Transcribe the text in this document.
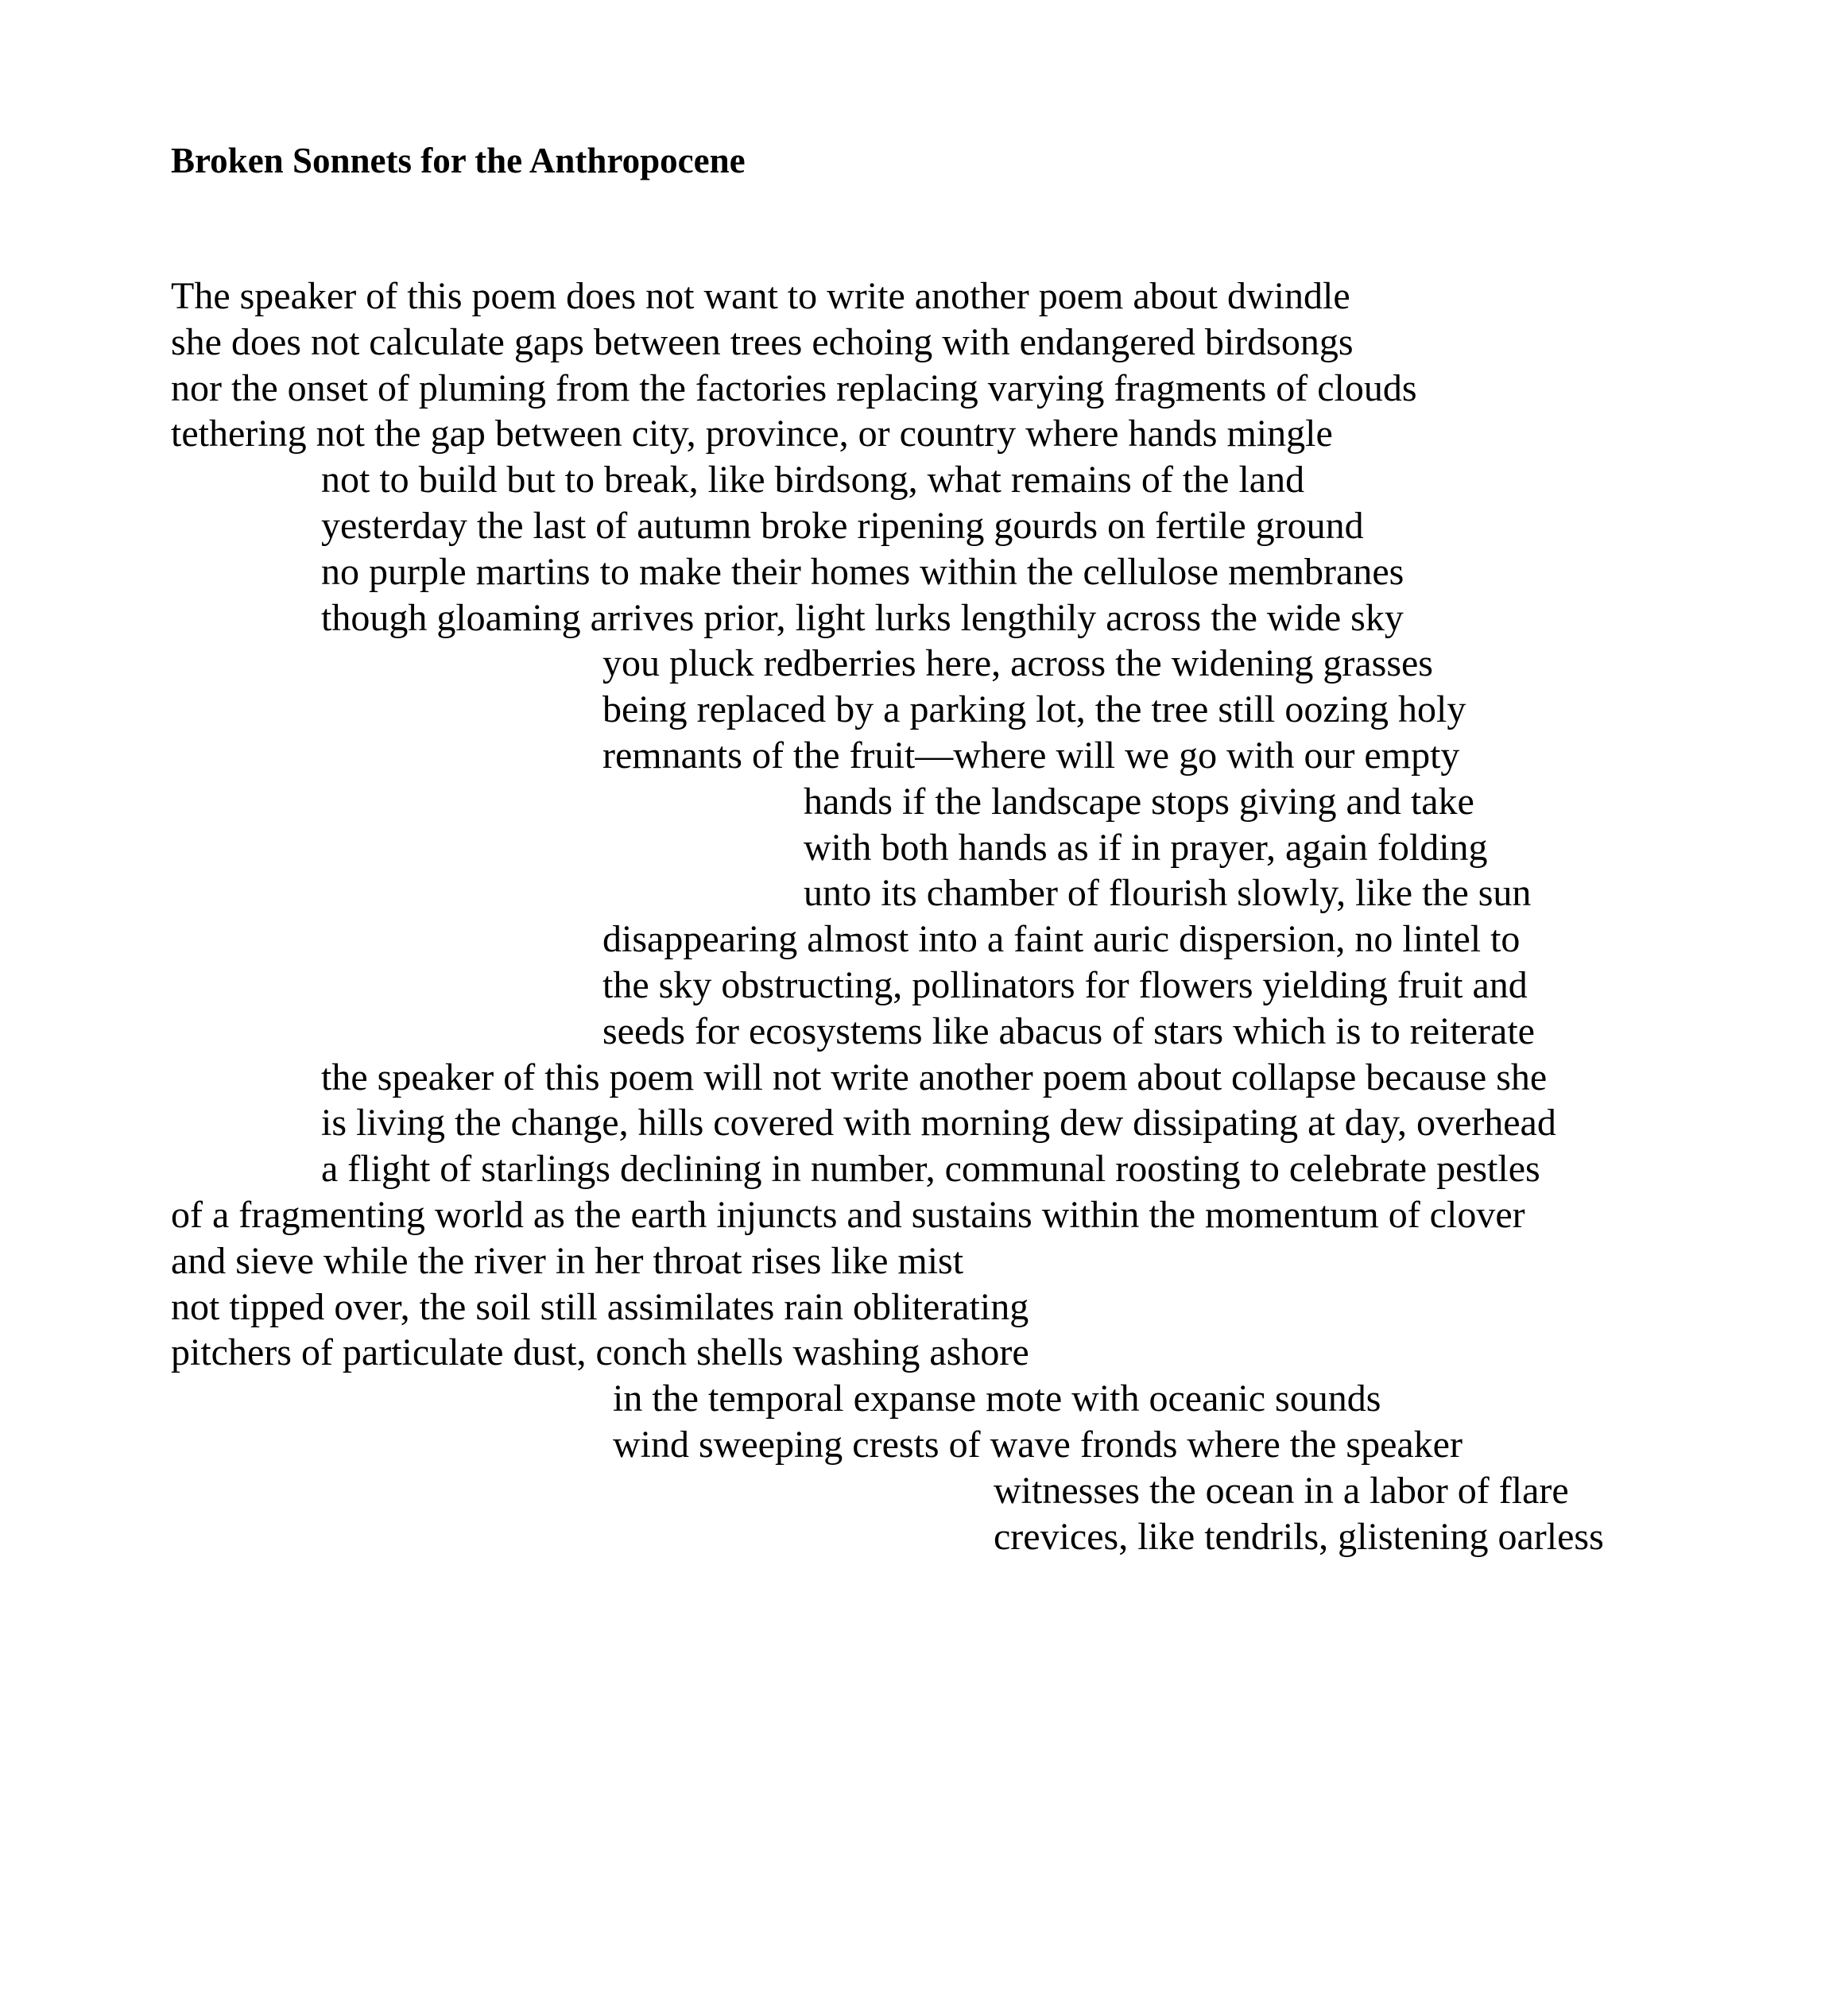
Broken Sonnets for the Anthropocene
The speaker of this poem does not want to write another poem about dwindle
she does not calculate gaps between trees echoing with endangered birdsongs
nor the onset of pluming from the factories replacing varying fragments of clouds
tethering not the gap between city, province, or country where hands mingle
not to build but to break, like birdsong, what remains of the land
yesterday the last of autumn broke ripening gourds on fertile ground
no purple martins to make their homes within the cellulose membranes
though gloaming arrives prior, light lurks lengthily across the wide sky
you pluck redberries here, across the widening grasses
being replaced by a parking lot, the tree still oozing holy
remnants of the fruit—where will we go with our empty
hands if the landscape stops giving and take
with both hands as if in prayer, again folding
unto its chamber of flourish slowly, like the sun
disappearing almost into a faint auric dispersion, no lintel to
the sky obstructing, pollinators for flowers yielding fruit and
seeds for ecosystems like abacus of stars which is to reiterate
the speaker of this poem will not write another poem about collapse because she
is living the change, hills covered with morning dew dissipating at day, overhead
a flight of starlings declining in number, communal roosting to celebrate pestles
of a fragmenting world as the earth injuncts and sustains within the momentum of clover
and sieve while the river in her throat rises like mist
not tipped over, the soil still assimilates rain obliterating
pitchers of particulate dust, conch shells washing ashore
in the temporal expanse mote with oceanic sounds
wind sweeping crests of wave fronds where the speaker
witnesses the ocean in a labor of flare
crevices, like tendrils, glistening oarless
